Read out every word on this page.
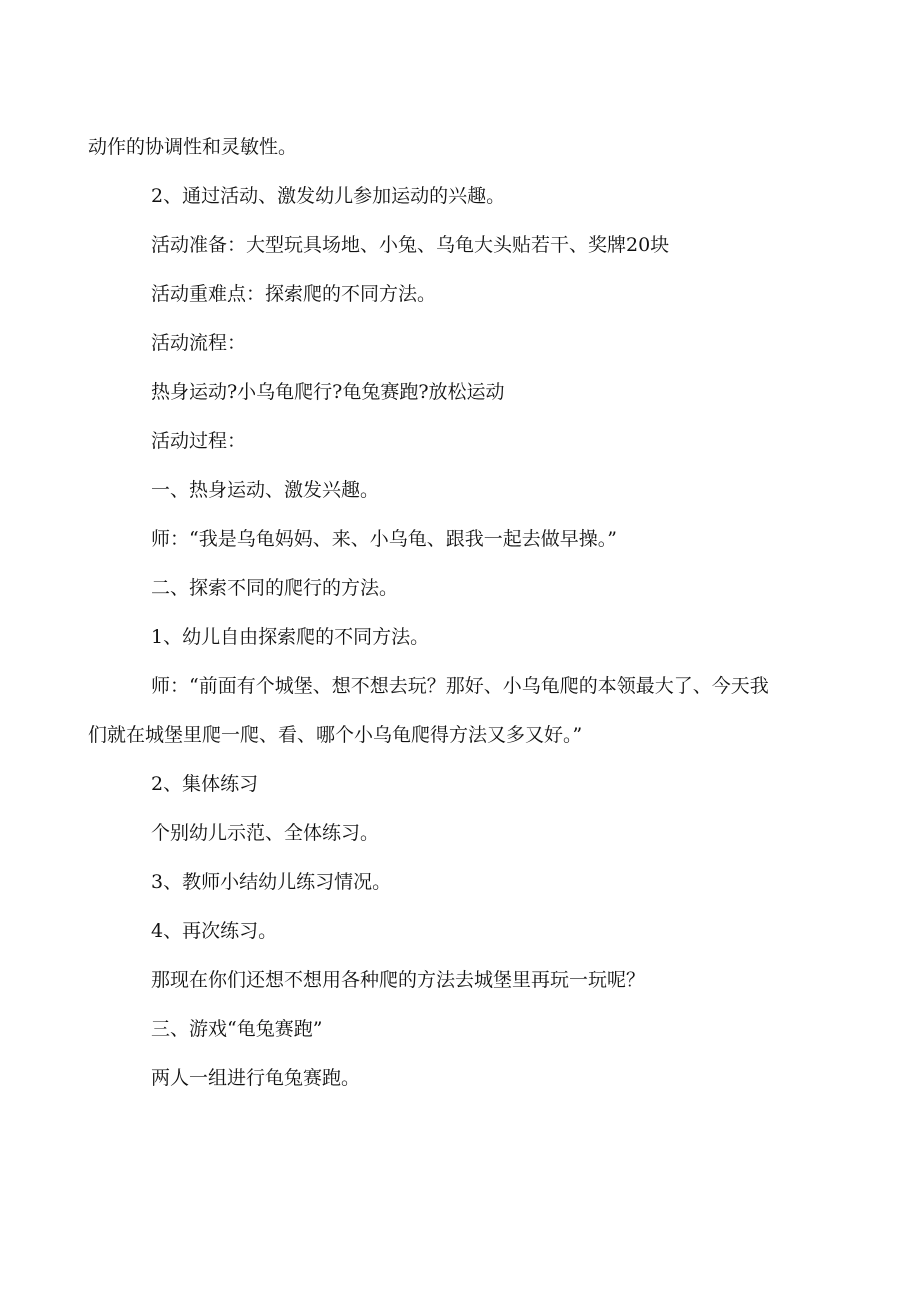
动作的协调性和灵敏性。
2、通过活动、激发幼儿参加运动的兴趣。
活动准备：大型玩具场地、小兔、乌龟大头贴若干、奖牌20块
活动重难点：探索爬的不同方法。
活动流程：
热身运动?小乌龟爬行?龟兔赛跑?放松运动
活动过程：
一、热身运动、激发兴趣。
师：“我是乌龟妈妈、来、小乌龟、跟我一起去做早操。”
二、探索不同的爬行的方法。
1、幼儿自由探索爬的不同方法。
师：“前面有个城堡、想不想去玩？那好、小乌龟爬的本领最大了、今天我
们就在城堡里爬一爬、看、哪个小乌龟爬得方法又多又好。”
2、集体练习
个别幼儿示范、全体练习。
3、教师小结幼儿练习情况。
4、再次练习。
那现在你们还想不想用各种爬的方法去城堡里再玩一玩呢？
三、游戏“龟兔赛跑”
两人一组进行龟兔赛跑。
